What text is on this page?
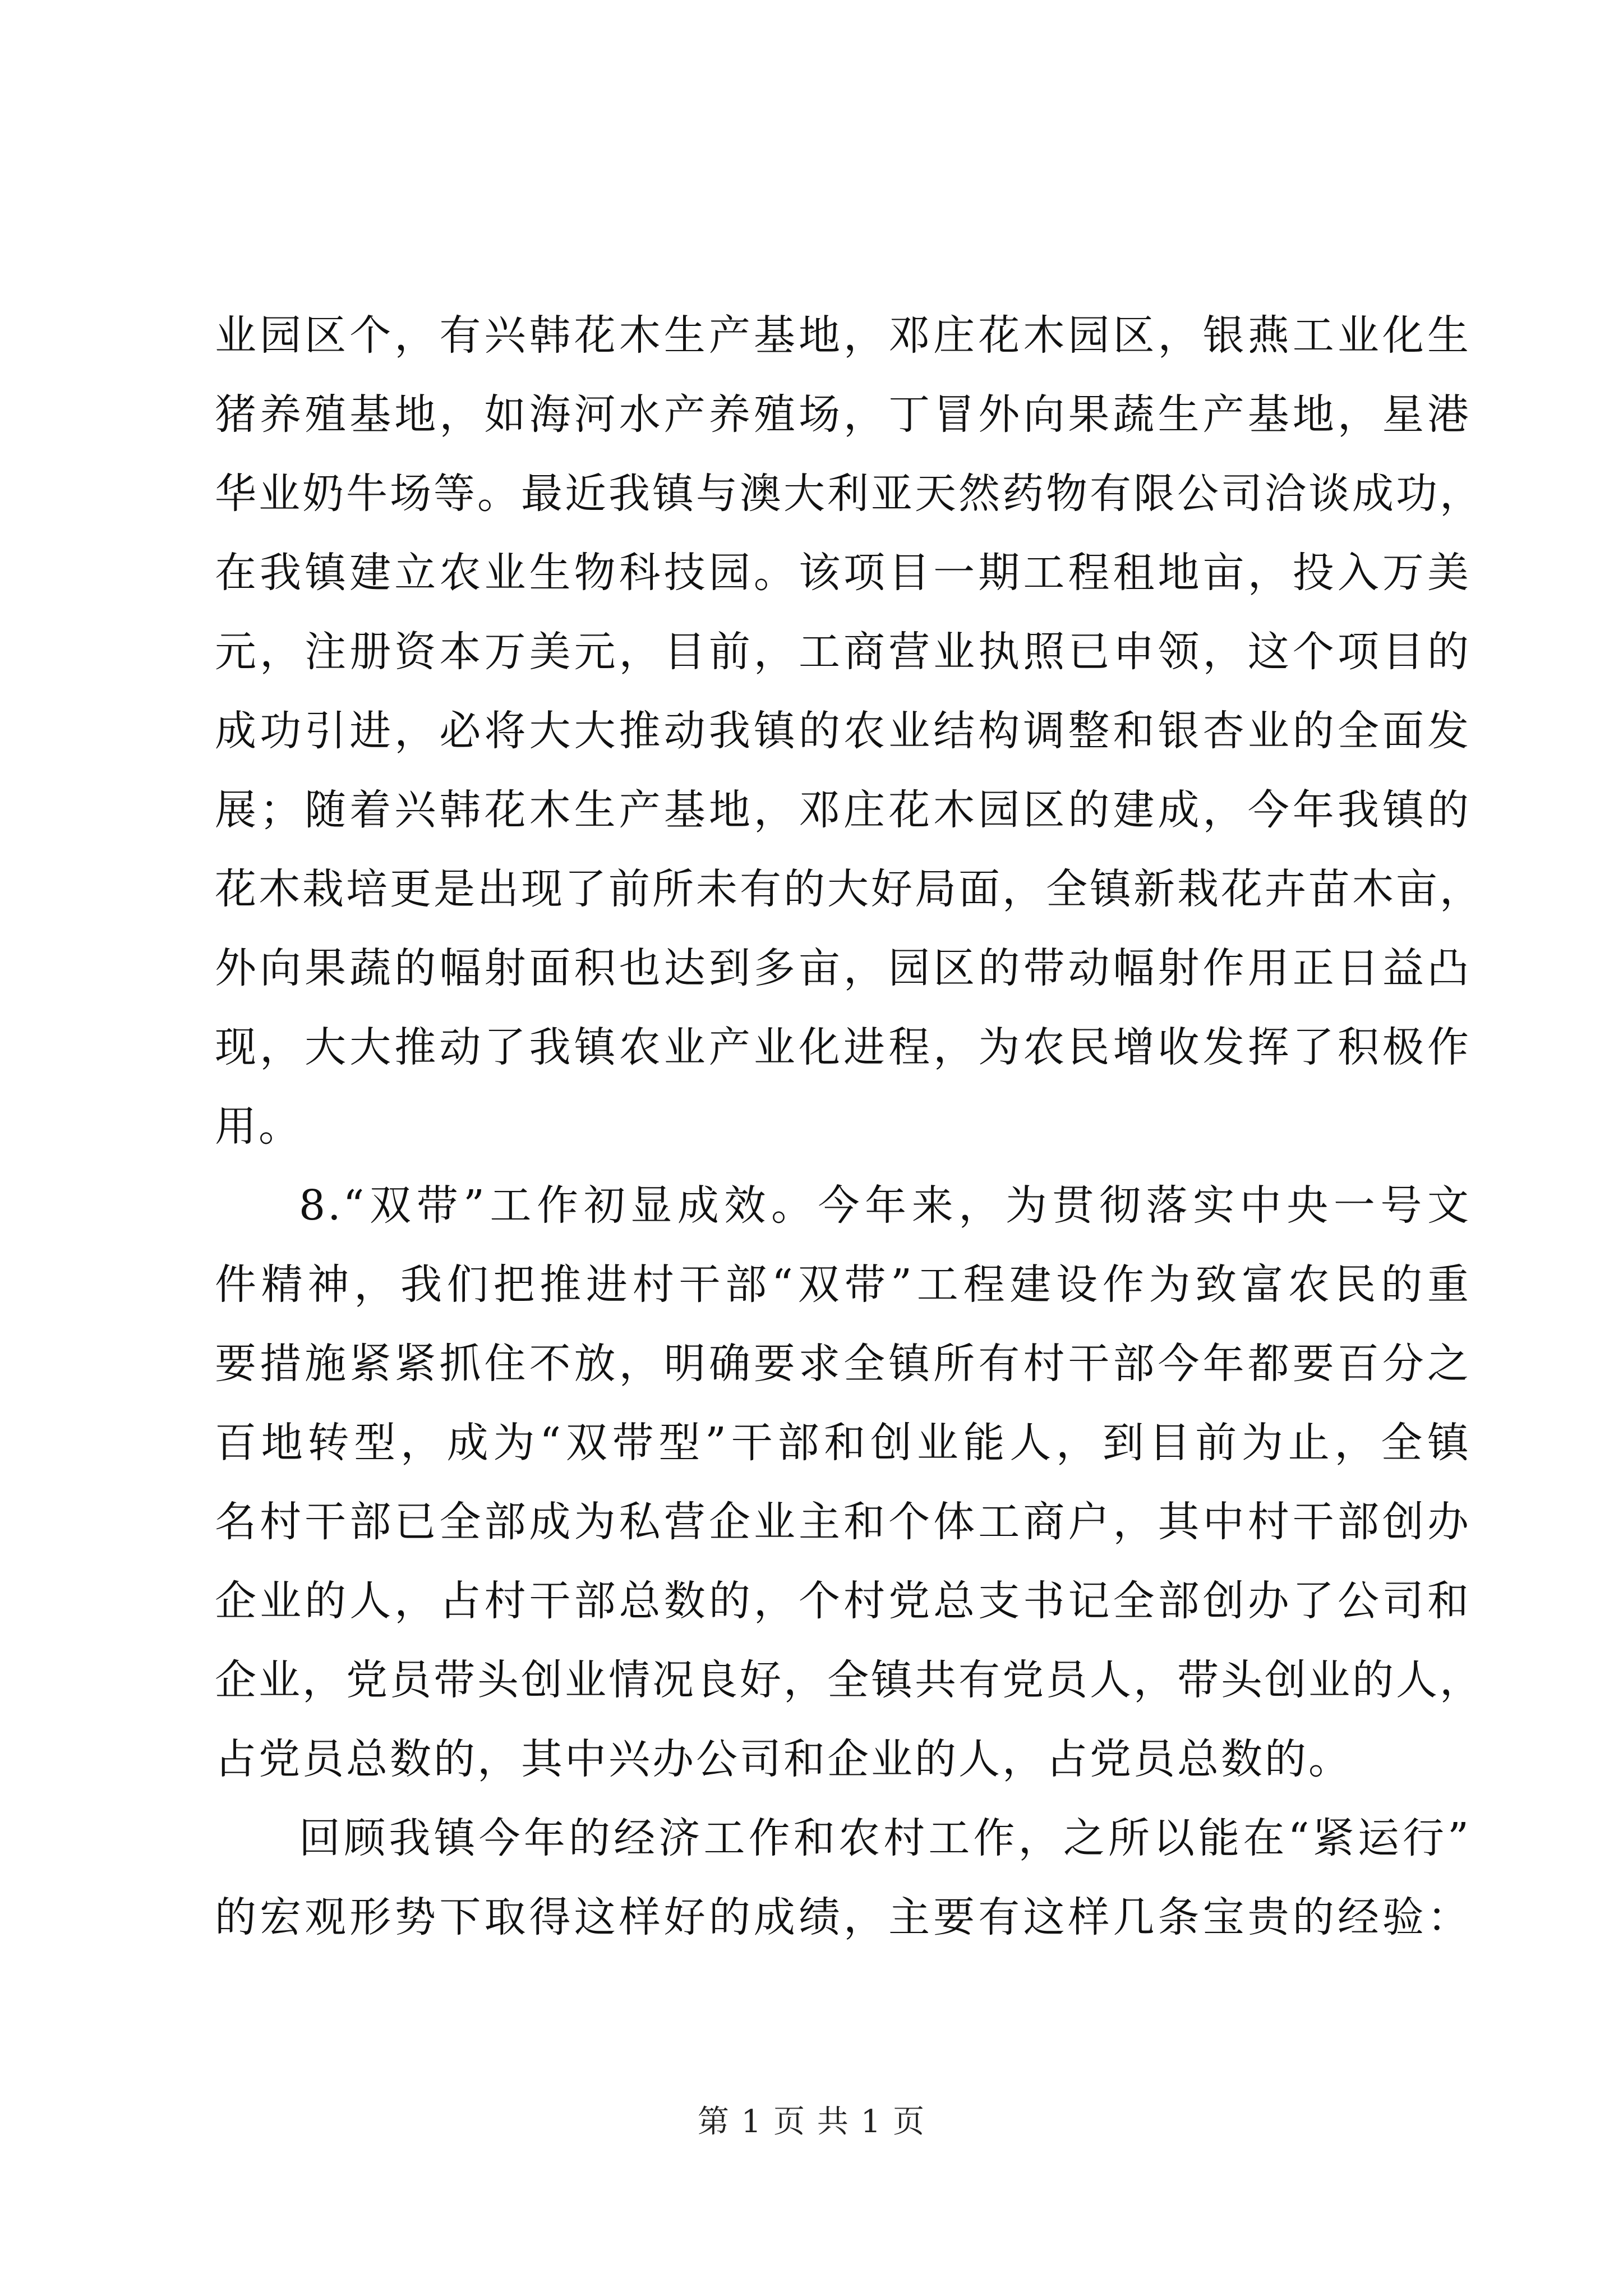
业园区个，有兴韩花木生产基地，邓庄花木园区，银燕工业化生
猪养殖基地，如海河水产养殖场，丁冒外向果蔬生产基地，星港
华业奶牛场等。最近我镇与澳大利亚天然药物有限公司洽谈成功，
在我镇建立农业生物科技园。该项目一期工程租地亩，投入万美
元，注册资本万美元，目前，工商营业执照已申领，这个项目的
成功引进，必将大大推动我镇的农业结构调整和银杏业的全面发
展；随着兴韩花木生产基地，邓庄花木园区的建成，今年我镇的
花木栽培更是出现了前所未有的大好局面，全镇新栽花卉苗木亩，
外向果蔬的幅射面积也达到多亩，园区的带动幅射作用正日益凸
现，大大推动了我镇农业产业化进程，为农民增收发挥了积极作
用。
8.“双带”工作初显成效。今年来，为贯彻落实中央一号文
件精神，我们把推进村干部“双带”工程建设作为致富农民的重
要措施紧紧抓住不放，明确要求全镇所有村干部今年都要百分之
百地转型，成为“双带型”干部和创业能人，到目前为止，全镇
名村干部已全部成为私营企业主和个体工商户，其中村干部创办
企业的人，占村干部总数的，个村党总支书记全部创办了公司和
企业，党员带头创业情况良好，全镇共有党员人，带头创业的人，
占党员总数的，其中兴办公司和企业的人，占党员总数的。
回顾我镇今年的经济工作和农村工作，之所以能在“紧运行”
的宏观形势下取得这样好的成绩，主要有这样几条宝贵的经验：
第 1 页 共 1 页
